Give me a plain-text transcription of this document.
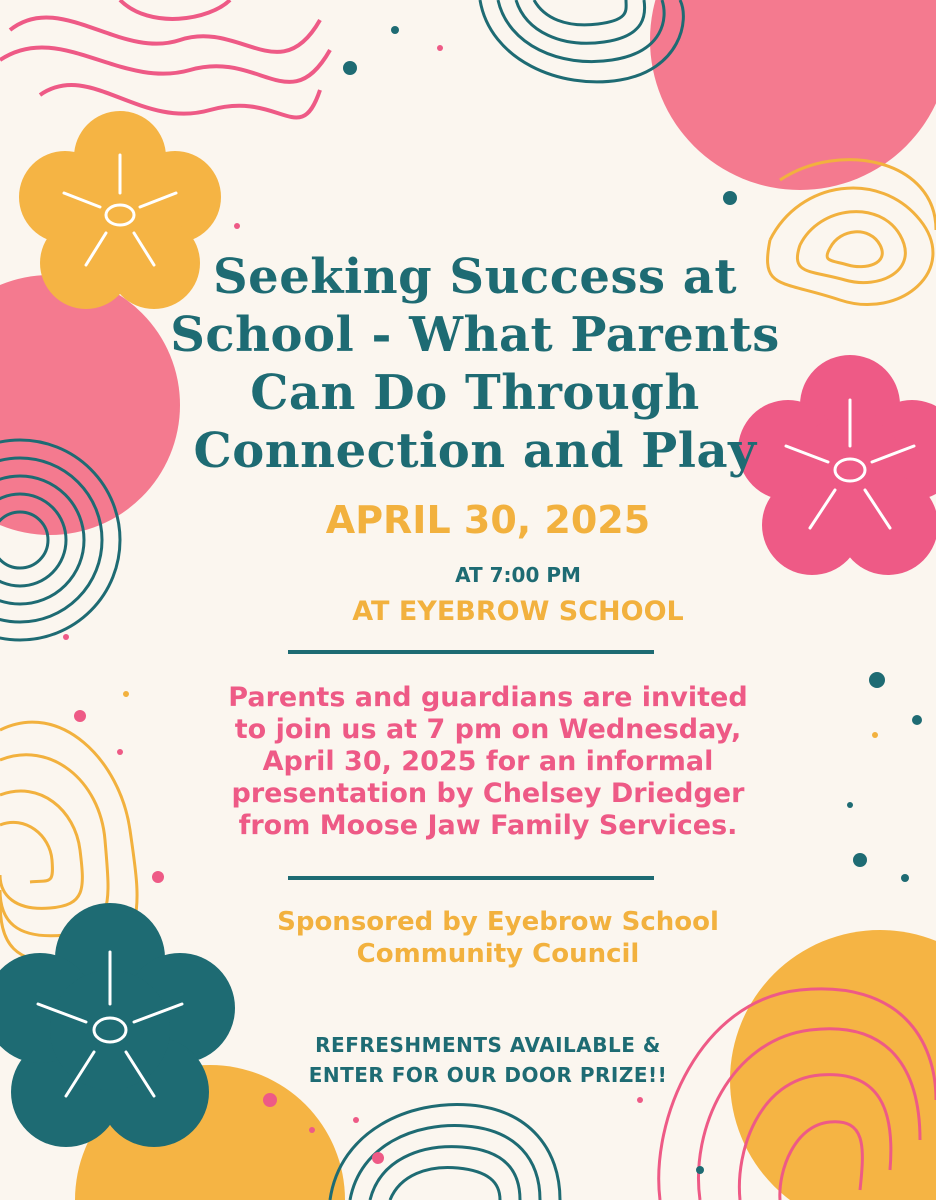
Seeking Success at
School - What Parents
Can Do Through
Connection and Play
APRIL 30, 2025
AT 7:00 PM
AT EYEBROW SCHOOL
Parents and guardians are invited
to join us at 7 pm on Wednesday,
April 30, 2025 for an informal
presentation by Chelsey Driedger
from Moose Jaw Family Services.
Sponsored by Eyebrow School
Community Council
REFRESHMENTS AVAILABLE &
ENTER FOR OUR DOOR PRIZE!!
